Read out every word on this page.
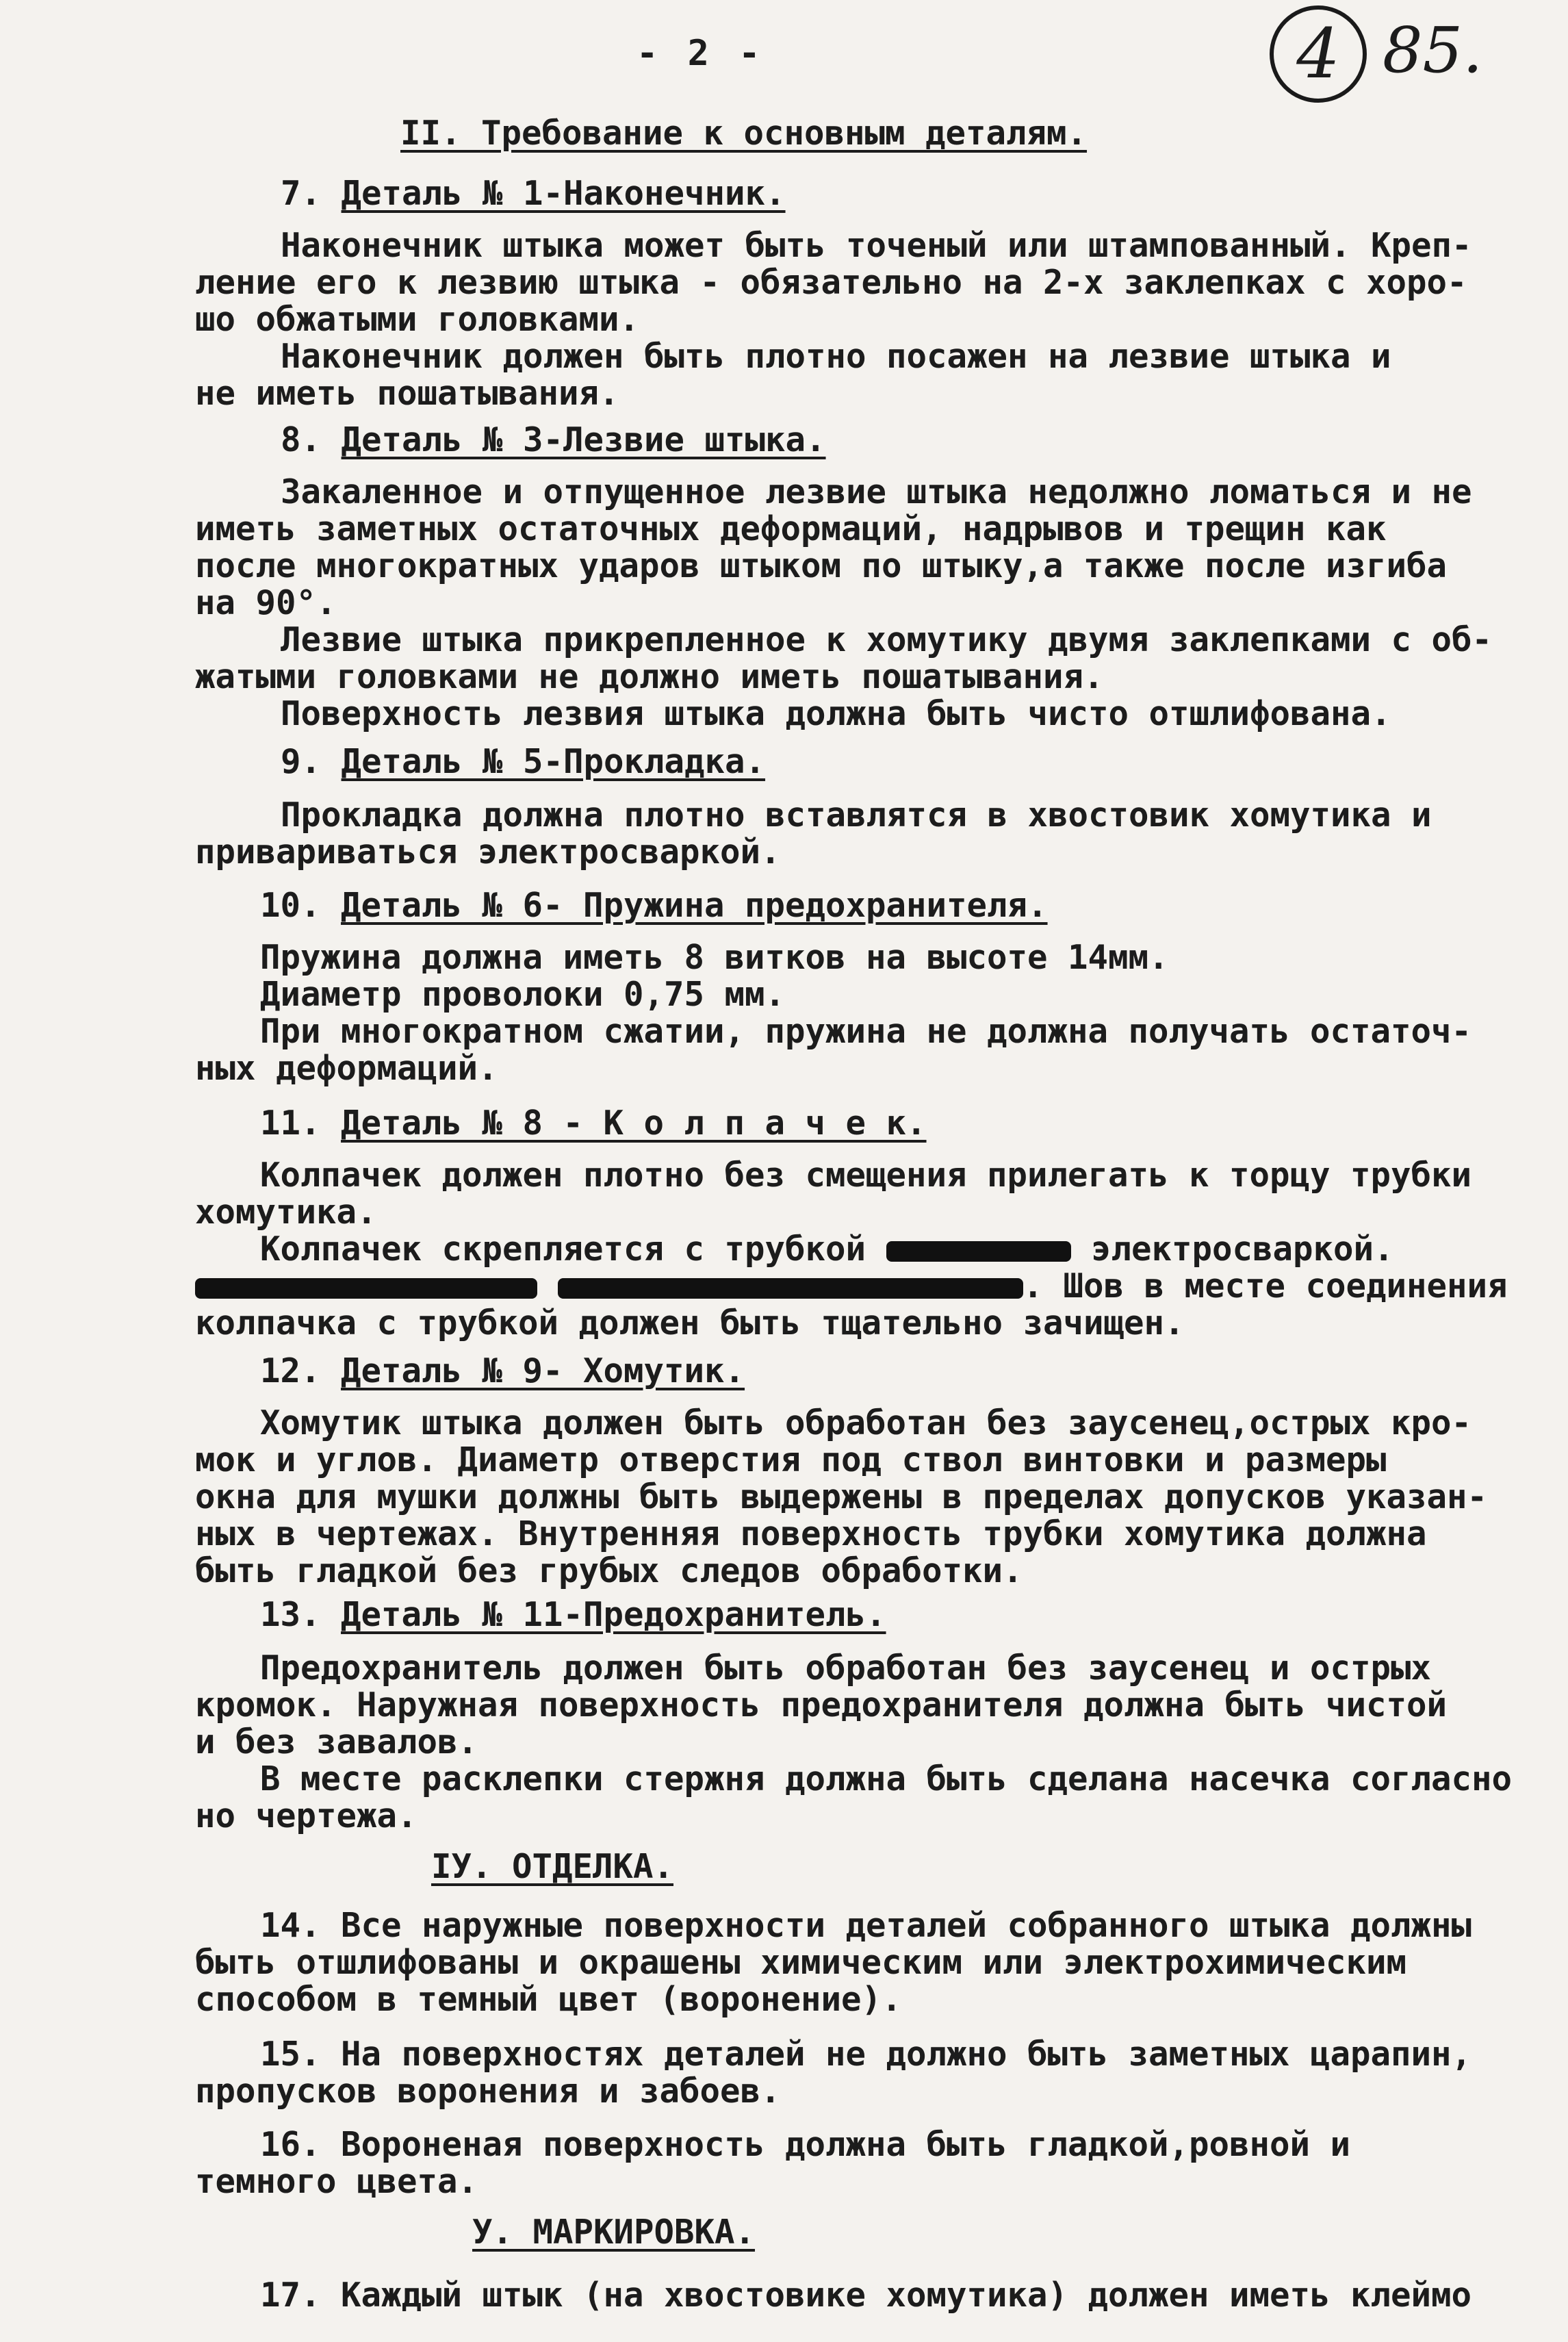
- 2 -	4 85.
II. Требование к основным деталям.
7. Деталь № 1-Наконечник.
Наконечник штыка может быть точеный или штампованный. Креп-
ление его к лезвию штыка - обязательно на 2-х заклепках с хоро-
шо обжатыми головками.
Наконечник должен быть плотно посажен на лезвие штыка и
не иметь пошатывания.
8. Деталь № 3-Лезвие штыка.
Закаленное и отпущенное лезвие штыка недолжно ломаться и не
иметь заметных остаточных деформаций, надрывов и трещин как
после многократных ударов штыком по штыку,а также после изгиба
на 90°.
Лезвие штыка прикрепленное к хомутику двумя заклепками с об-
жатыми головками не должно иметь пошатывания.
Поверхность лезвия штыка должна быть чисто отшлифована.
9. Деталь № 5-Прокладка.
Прокладка должна плотно вставлятся в хвостовик хомутика и
привариваться электросваркой.
10. Деталь № 6- Пружина предохранителя.
Пружина должна иметь 8 витков на высоте 14мм.
Диаметр проволоки 0,75 мм.
При многократном сжатии, пружина не должна получать остаточ-
ных деформаций.
11. Деталь № 8 - К о л п а ч е к.
Колпачек должен плотно без смещения прилегать к торцу трубки
хомутика.
Колпачек скрепляется с трубкой	электросваркой.
. Шов в месте соединения
колпачка с трубкой должен быть тщательно зачищен.
12. Деталь № 9- Хомутик.
Хомутик штыка должен быть обработан без заусенец,острых кро-
мок и углов. Диаметр отверстия под ствол винтовки и размеры
окна для мушки должны быть выдержены в пределах допусков указан-
ных в чертежах. Внутренняя поверхность трубки хомутика должна
быть гладкой без грубых следов обработки.
13. Деталь № 11-Предохранитель.
Предохранитель должен быть обработан без заусенец и острых
кромок. Наружная поверхность предохранителя должна быть чистой
и без завалов.
В месте расклепки стержня должна быть сделана насечка согласно
но чертежа.
IУ. ОТДЕЛКА.
14. Все наружные поверхности деталей собранного штыка должны
быть отшлифованы и окрашены химическим или электрохимическим
способом в темный цвет (воронение).
15. На поверхностях деталей не должно быть заметных царапин,
пропусков воронения и забоев.
16. Вороненая поверхность должна быть гладкой,ровной и
темного цвета.
У. МАРКИРОВКА.
17. Каждый штык (на хвостовике хомутика) должен иметь клеймо
